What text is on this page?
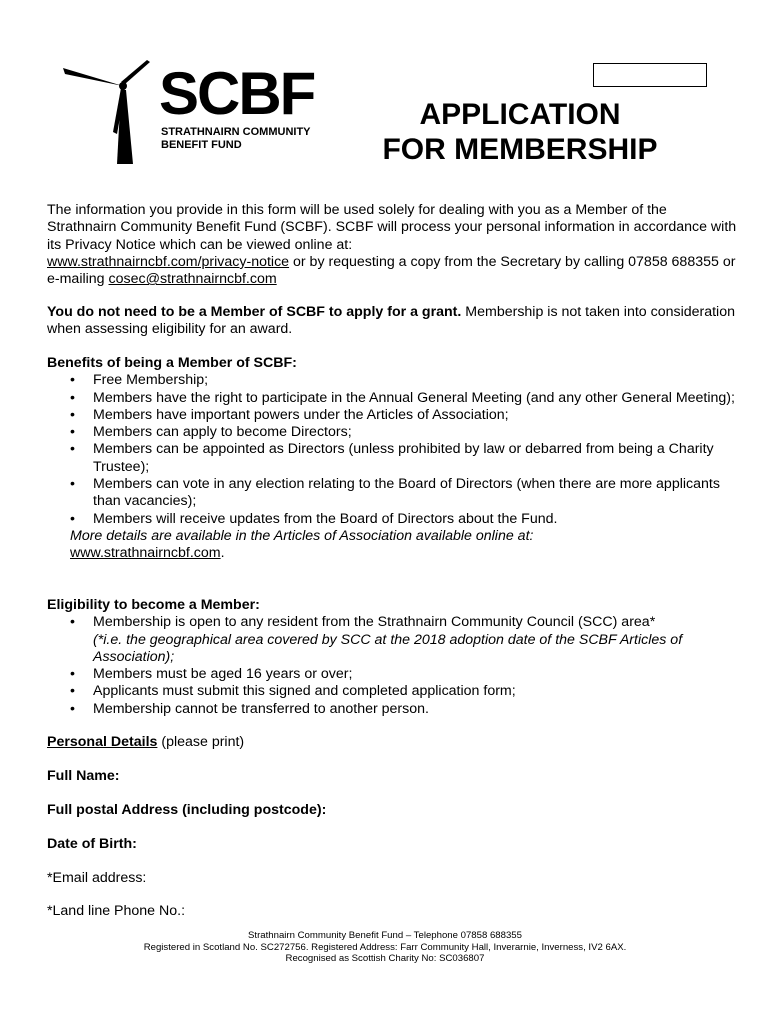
SCBF
STRATHNAIRN COMMUNITY
BENEFIT FUND
APPLICATION
FOR MEMBERSHIP

The information you provide in this form will be used solely for dealing with you as a Member of the Strathnairn Community Benefit Fund (SCBF). SCBF will process your personal information in accordance with its Privacy Notice which can be viewed online at:
www.strathnairncbf.com/privacy-notice or by requesting a copy from the Secretary by calling 07858 688355 or e-mailing cosec@strathnairncbf.com

You do not need to be a Member of SCBF to apply for a grant. Membership is not taken into consideration when assessing eligibility for an award.

Benefits of being a Member of SCBF:

• Free Membership;
• Members have the right to participate in the Annual General Meeting (and any other General Meeting);
• Members have important powers under the Articles of Association;
• Members can apply to become Directors;
• Members can be appointed as Directors (unless prohibited by law or debarred from being a Charity Trustee);
• Members can vote in any election relating to the Board of Directors (when there are more applicants than vacancies);
• Members will receive updates from the Board of Directors about the Fund.

More details are available in the Articles of Association available online at:

www.strathnairncbf.com.

Eligibility to become a Member:

• Membership is open to any resident from the Strathnairn Community Council (SCC) area*
(*i.e. the geographical area covered by SCC at the 2018 adoption date of the SCBF Articles of Association);
• Members must be aged 16 years or over;
• Applicants must submit this signed and completed application form;
• Membership cannot be transferred to another person.
Personal Details (please print)
Full Name:
Full postal Address (including postcode):
Date of Birth:
*Email address:
*Land line Phone No.:
Strathnairn Community Benefit Fund – Telephone 07858 688355
Registered in Scotland No. SC272756. Registered Address: Farr Community Hall, Inverarnie, Inverness, IV2 6AX.
Recognised as Scottish Charity No: SC036807
